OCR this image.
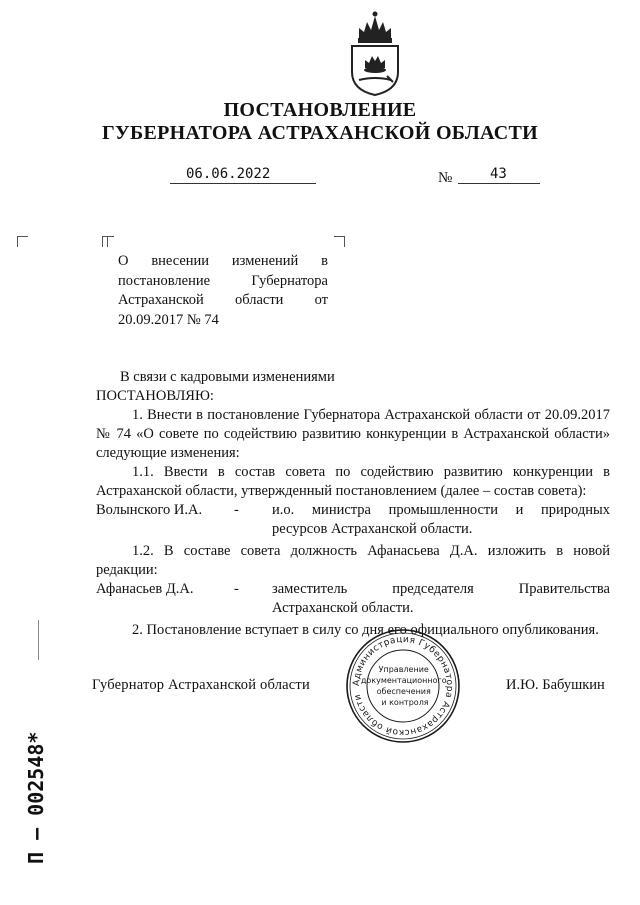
ПОСТАНОВЛЕНИЕ
ГУБЕРНАТОРА АСТРАХАНСКОЙ ОБЛАСТИ
06.06.2022	№	43
О внесении изменений в постановление Губернатора Астраханской области от 20.09.2017 № 74

В связи с кадровыми изменениями

ПОСТАНОВЛЯЮ:

1. Внести в постановление Губернатора Астраханской области от 20.09.2017 № 74 «О совете по содействию развитию конкуренции в Астраханской области» следующие изменения:

1.1. Ввести в состав совета по содействию развитию конкуренции в Астраханской области, утвержденный постановлением (далее – состав совета):

Волынского И.А.	-	и.о. министра промышленности и природных ресурсов Астраханской области.

1.2. В составе совета должность Афанасьева Д.А. изложить в новой редакции:

Афанасьев Д.А.	-	заместитель председателя Правительства Астраханской области.

2. Постановление вступает в силу со дня его официального опубликования.

Губернатор Астраханской области	И.Ю. Бабушкин
Администрация Губернатора Астраханской области
Управление документационного обеспечения и контроля
П – 002548*
